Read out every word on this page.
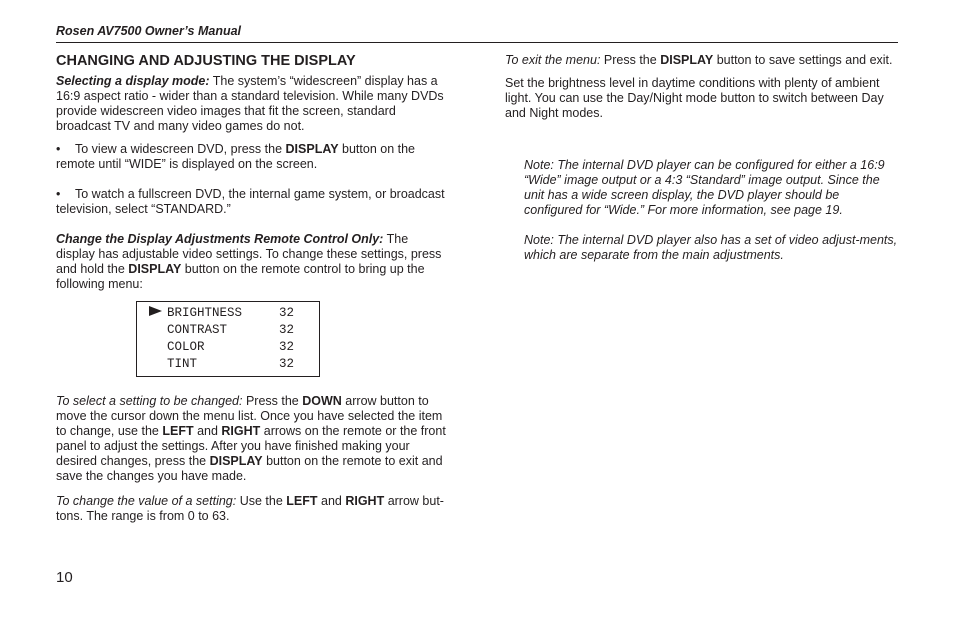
Rosen AV7500 Owner’s Manual
CHANGING AND ADJUSTING THE DISPLAY

Selecting a display mode: The system’s “widescreen” display has a 16:9 aspect ratio - wider than a standard television. While many DVDs provide widescreen video images that fit the screen, standard broadcast TV and many video games do not.

• To view a widescreen DVD, press the DISPLAY button on the remote until “WIDE” is displayed on the screen.

• To watch a fullscreen DVD, the internal game system, or broadcast television, select “STANDARD.”

Change the Display Adjustments Remote Control Only: The display has adjustable video settings. To change these settings, press and hold the DISPLAY button on the remote control to bring up the following menu:

BRIGHTNESS	32
CONTRAST	32
COLOR	32
TINT	32

To select a setting to be changed: Press the DOWN arrow button to move the cursor down the menu list. Once you have selected the item to change, use the LEFT and RIGHT arrows on the remote or the front panel to adjust the settings. After you have finished making your desired changes, press the DISPLAY button on the remote to exit and save the changes you have made.

To change the value of a setting: Use the LEFT and RIGHT arrow but-tons. The range is from 0 to 63.

To exit the menu: Press the DISPLAY button to save settings and exit.

Set the brightness level in daytime conditions with plenty of ambient light. You can use the Day/Night mode button to switch between Day and Night modes.

Note: The internal DVD player can be configured for either a 16:9 “Wide” image output or a 4:3 “Standard” image output. Since the unit has a wide screen display, the DVD player should be configured for “Wide.” For more information, see page 19.

Note: The internal DVD player also has a set of video adjust-ments, which are separate from the main adjustments.

10
